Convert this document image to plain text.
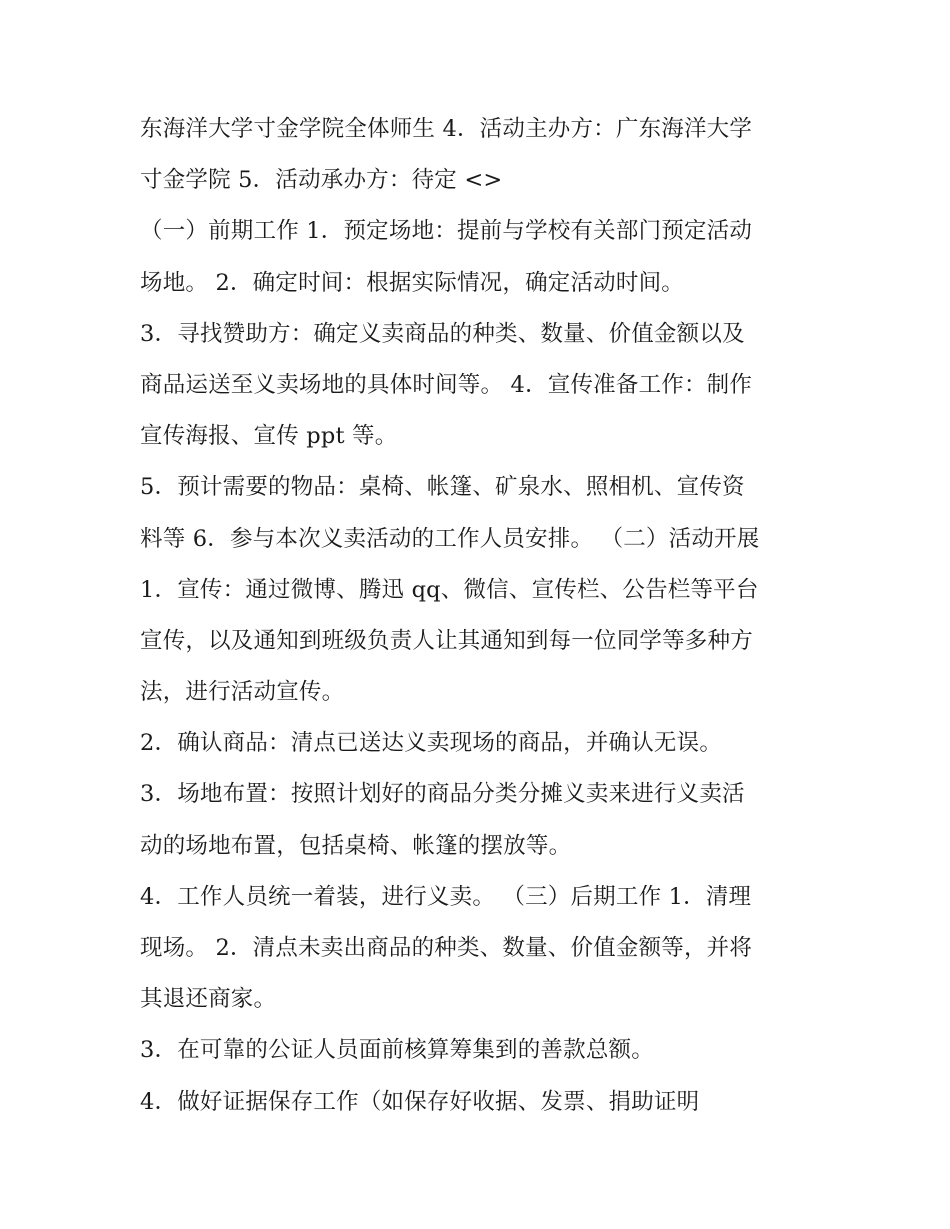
东海洋大学寸金学院全体师生 4．活动主办方：广东海洋大学
寸金学院 5．活动承办方：待定 <>
（一）前期工作 1．预定场地：提前与学校有关部门预定活动
场地。 2．确定时间：根据实际情况，确定活动时间。
3．寻找赞助方：确定义卖商品的种类、数量、价值金额以及
商品运送至义卖场地的具体时间等。 4．宣传准备工作：制作
宣传海报、宣传 ppt 等。
5．预计需要的物品：桌椅、帐篷、矿泉水、照相机、宣传资
料等 6．参与本次义卖活动的工作人员安排。 （二）活动开展
1．宣传：通过微博、腾迅 qq、微信、宣传栏、公告栏等平台
宣传，以及通知到班级负责人让其通知到每一位同学等多种方
法，进行活动宣传。
2．确认商品：清点已送达义卖现场的商品，并确认无误。
3．场地布置：按照计划好的商品分类分摊义卖来进行义卖活
动的场地布置，包括桌椅、帐篷的摆放等。
4．工作人员统一着装，进行义卖。 （三）后期工作 1．清理
现场。 2．清点未卖出商品的种类、数量、价值金额等，并将
其退还商家。
3．在可靠的公证人员面前核算筹集到的善款总额。
4．做好证据保存工作（如保存好收据、发票、捐助证明
